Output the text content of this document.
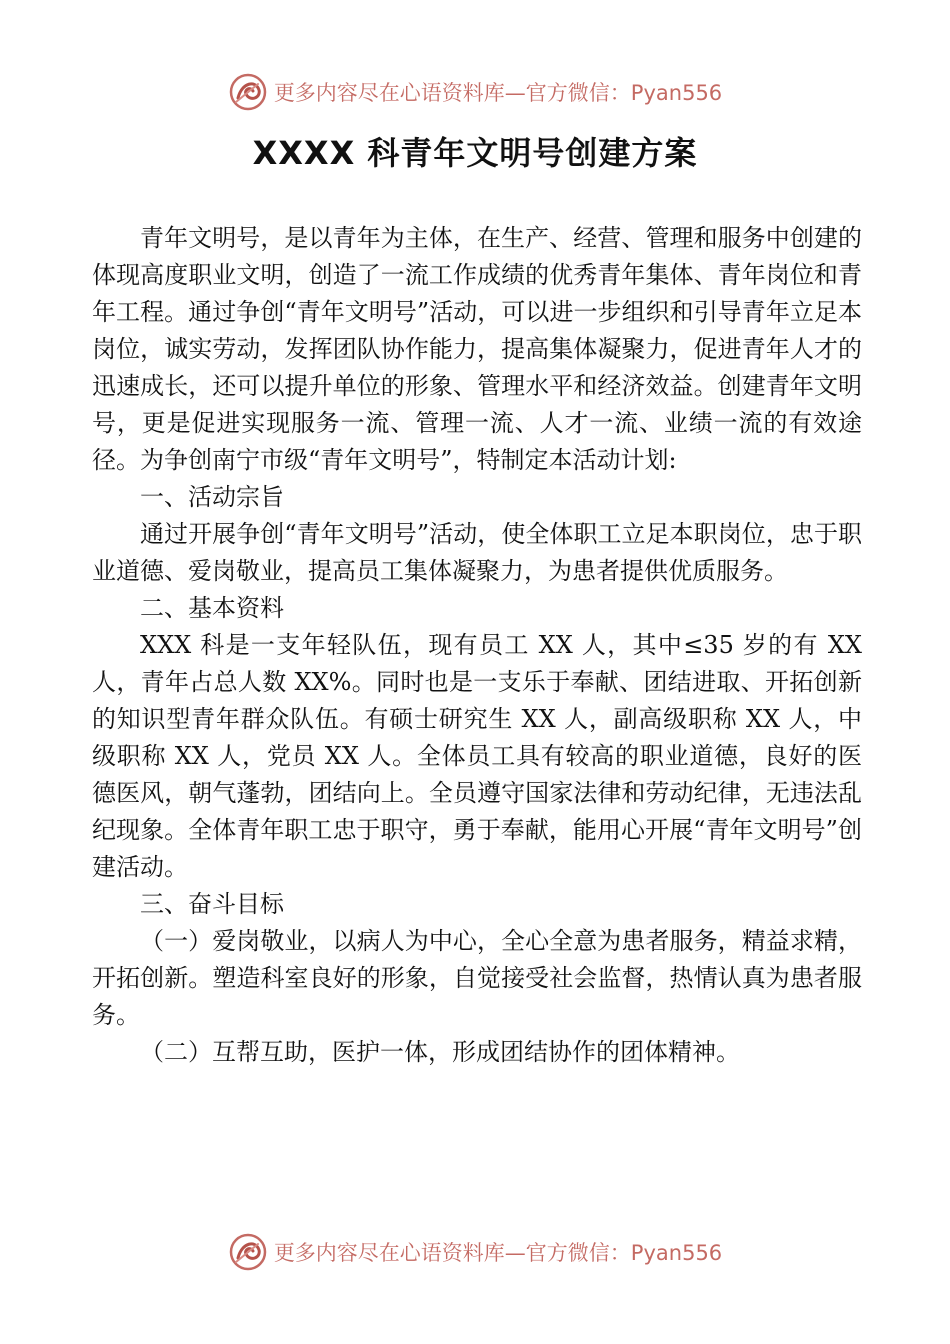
更多内容尽在心语资料库—官方微信：Pyan556
XXXX 科青年文明号创建方案

青年文明号，是以青年为主体，在生产、经营、管理和服务中创建的体现高度职业文明，创造了一流工作成绩的优秀青年集体、青年岗位和青年工程。通过争创“青年文明号”活动，可以进一步组织和引导青年立足本岗位，诚实劳动，发挥团队协作能力，提高集体凝聚力，促进青年人才的迅速成长，还可以提升单位的形象、管理水平和经济效益。创建青年文明号，更是促进实现服务一流、管理一流、人才一流、业绩一流的有效途径。为争创南宁市级“青年文明号”，特制定本活动计划:

一、活动宗旨

通过开展争创“青年文明号”活动，使全体职工立足本职岗位，忠于职业道德、爱岗敬业，提高员工集体凝聚力，为患者提供优质服务。

二、基本资料

XXX 科是一支年轻队伍，现有员工 XX 人，其中≤35 岁的有 XX 人，青年占总人数 XX%。同时也是一支乐于奉献、团结进取、开拓创新的知识型青年群众队伍。有硕士研究生 XX 人，副高级职称 XX 人，中级职称 XX 人，党员 XX 人。全体员工具有较高的职业道德，良好的医德医风，朝气蓬勃，团结向上。全员遵守国家法律和劳动纪律，无违法乱纪现象。全体青年职工忠于职守，勇于奉献，能用心开展“青年文明号”创建活动。

三、奋斗目标

（一）爱岗敬业，以病人为中心，全心全意为患者服务，精益求精，开拓创新。塑造科室良好的形象，自觉接受社会监督，热情认真为患者服务。

（二）互帮互助，医护一体，形成团结协作的团体精神。

更多内容尽在心语资料库—官方微信：Pyan556
